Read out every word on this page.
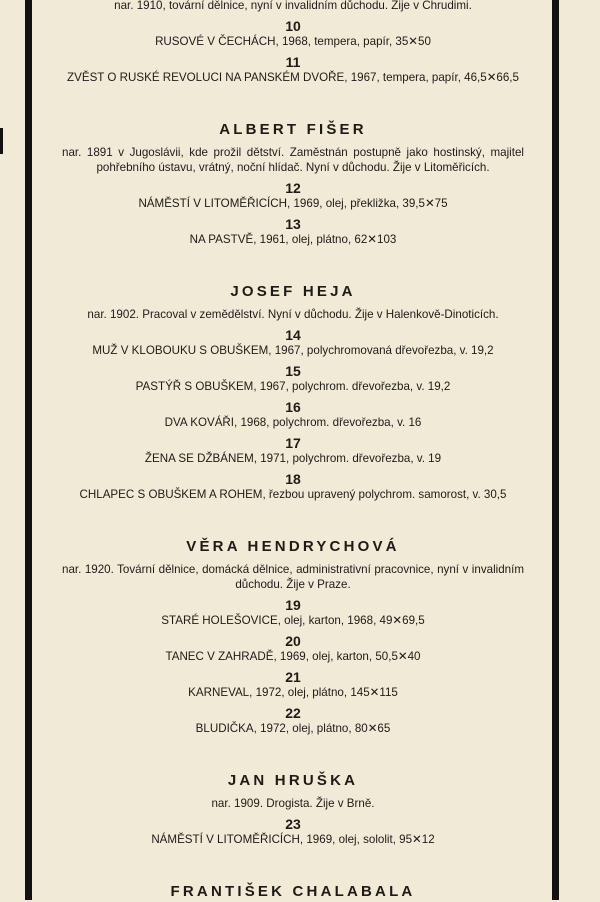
nar. 1910, tovární dělnice, nyní v invalidním důchodu. Žije v Chrudimi.

10

RUSOVÉ V ČECHÁCH, 1968, tempera, papír, 35✕50

11

ZVĚST O RUSKÉ REVOLUCI NA PANSKÉM DVOŘE, 1967, tempera, papír, 46,5✕66,5

ALBERT FIŠER

nar. 1891 v Jugoslávii, kde prožil dětství. Zaměstnán postupně jako hostinský, majitel pohřebního ústavu, vrátný, noční hlídač. Nyní v důchodu. Žije v Litoměřicích.

12

NÁMĚSTÍ V LITOMĚŘICÍCH, 1969, olej, překližka, 39,5✕75

13

NA PASTVĚ, 1961, olej, plátno, 62✕103

JOSEF HEJA

nar. 1902. Pracoval v zemědělství. Nyní v důchodu. Žije v Halenkově-Dinoticích.

14

MUŽ V KLOBOUKU S OBUŠKEM, 1967, polychromovaná dřevořezba, v. 19,2

15

PASTÝŘ S OBUŠKEM, 1967, polychrom. dřevořezba, v. 19,2

16

DVA KOVÁŘI, 1968, polychrom. dřevořezba, v. 16

17

ŽENA SE DŽBÁNEM, 1971, polychrom. dřevořezba, v. 19

18

CHLAPEC S OBUŠKEM A ROHEM, řezbou upravený polychrom. samorost, v. 30,5

VĚRA HENDRYCHOVÁ

nar. 1920. Tovární dělnice, domácká dělnice, administrativní pracovnice, nyní v invalidním důchodu. Žije v Praze.

19

STARÉ HOLEŠOVICE, olej, karton, 1968, 49✕69,5

20

TANEC V ZAHRADĚ, 1969, olej, karton, 50,5✕40

21

KARNEVAL, 1972, olej, plátno, 145✕115

22

BLUDIČKA, 1972, olej, plátno, 80✕65

JAN HRUŠKA

nar. 1909. Drogista. Žije v Brně.

23

NÁMĚSTÍ V LITOMĚŘICÍCH, 1969, olej, sololit, 95✕12

FRANTIŠEK CHALABALA
